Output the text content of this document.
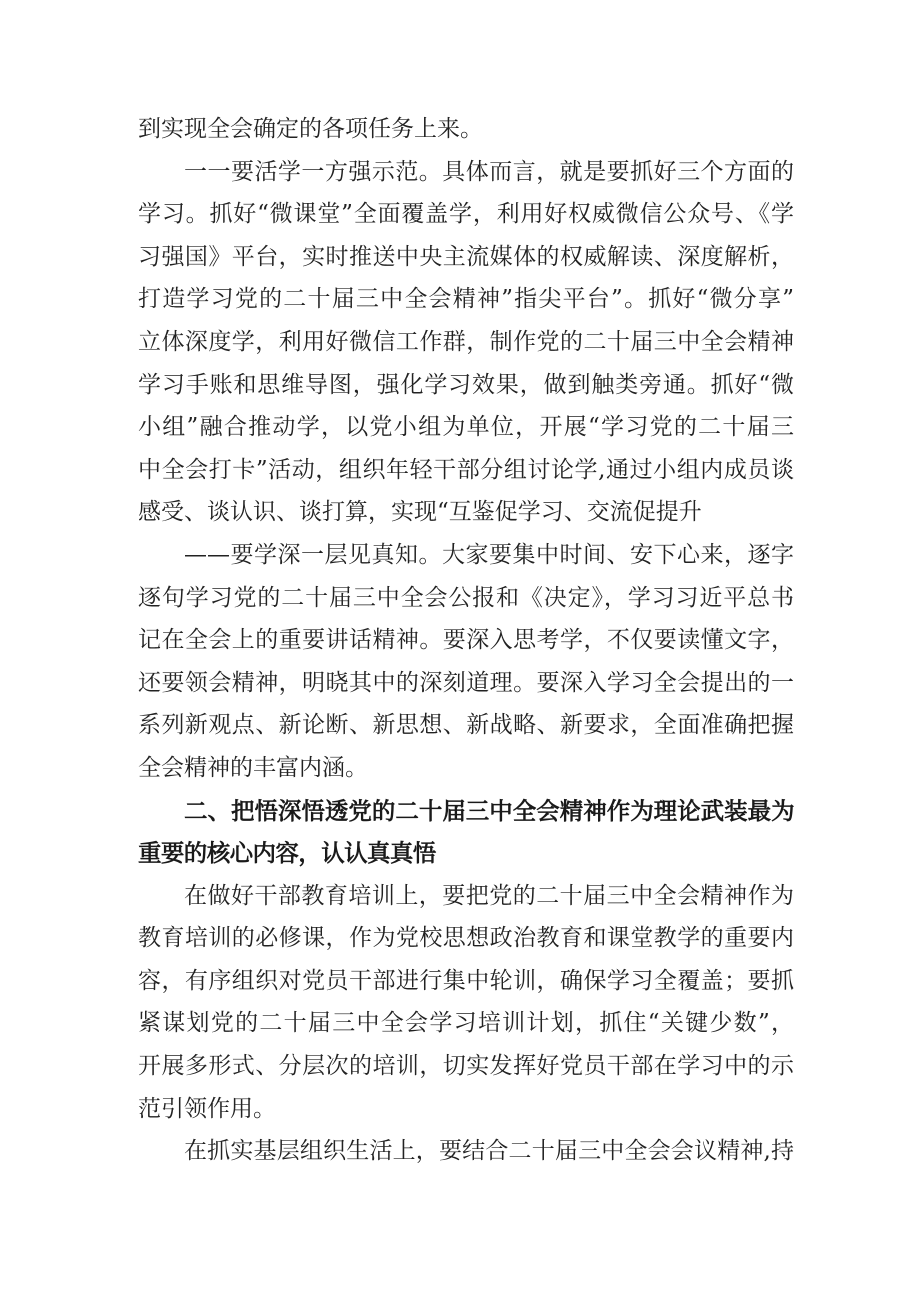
到实现全会确定的各项任务上来。
一一要活学一方强示范。具体而言，就是要抓好三个方面的
学习。抓好“微课堂”全面覆盖学，利用好权威微信公众号、《学
习强国》平台，实时推送中央主流媒体的权威解读、深度解析，
打造学习党的二十届三中全会精神”指尖平台”。抓好“微分享”
立体深度学，利用好微信工作群，制作党的二十届三中全会精神
学习手账和思维导图，强化学习效果，做到触类旁通。抓好“微
小组”融合推动学，以党小组为单位，开展“学习党的二十届三
中全会打卡”活动，组织年轻干部分组讨论学,通过小组内成员谈
感受、谈认识、谈打算，实现“互鉴促学习、交流促提升
——要学深一层见真知。大家要集中时间、安下心来，逐字
逐句学习党的二十届三中全会公报和《决定》，学习习近平总书
记在全会上的重要讲话精神。要深入思考学，不仅要读懂文字，
还要领会精神，明晓其中的深刻道理。要深入学习全会提出的一
系列新观点、新论断、新思想、新战略、新要求，全面准确把握
全会精神的丰富内涵。
二、把悟深悟透党的二十届三中全会精神作为理论武装最为
重要的核心内容，认认真真悟
在做好干部教育培训上，要把党的二十届三中全会精神作为
教育培训的必修课，作为党校思想政治教育和课堂教学的重要内
容，有序组织对党员干部进行集中轮训，确保学习全覆盖；要抓
紧谋划党的二十届三中全会学习培训计划，抓住“关键少数”，
开展多形式、分层次的培训，切实发挥好党员干部在学习中的示
范引领作用。
在抓实基层组织生活上，要结合二十届三中全会会议精神,持
